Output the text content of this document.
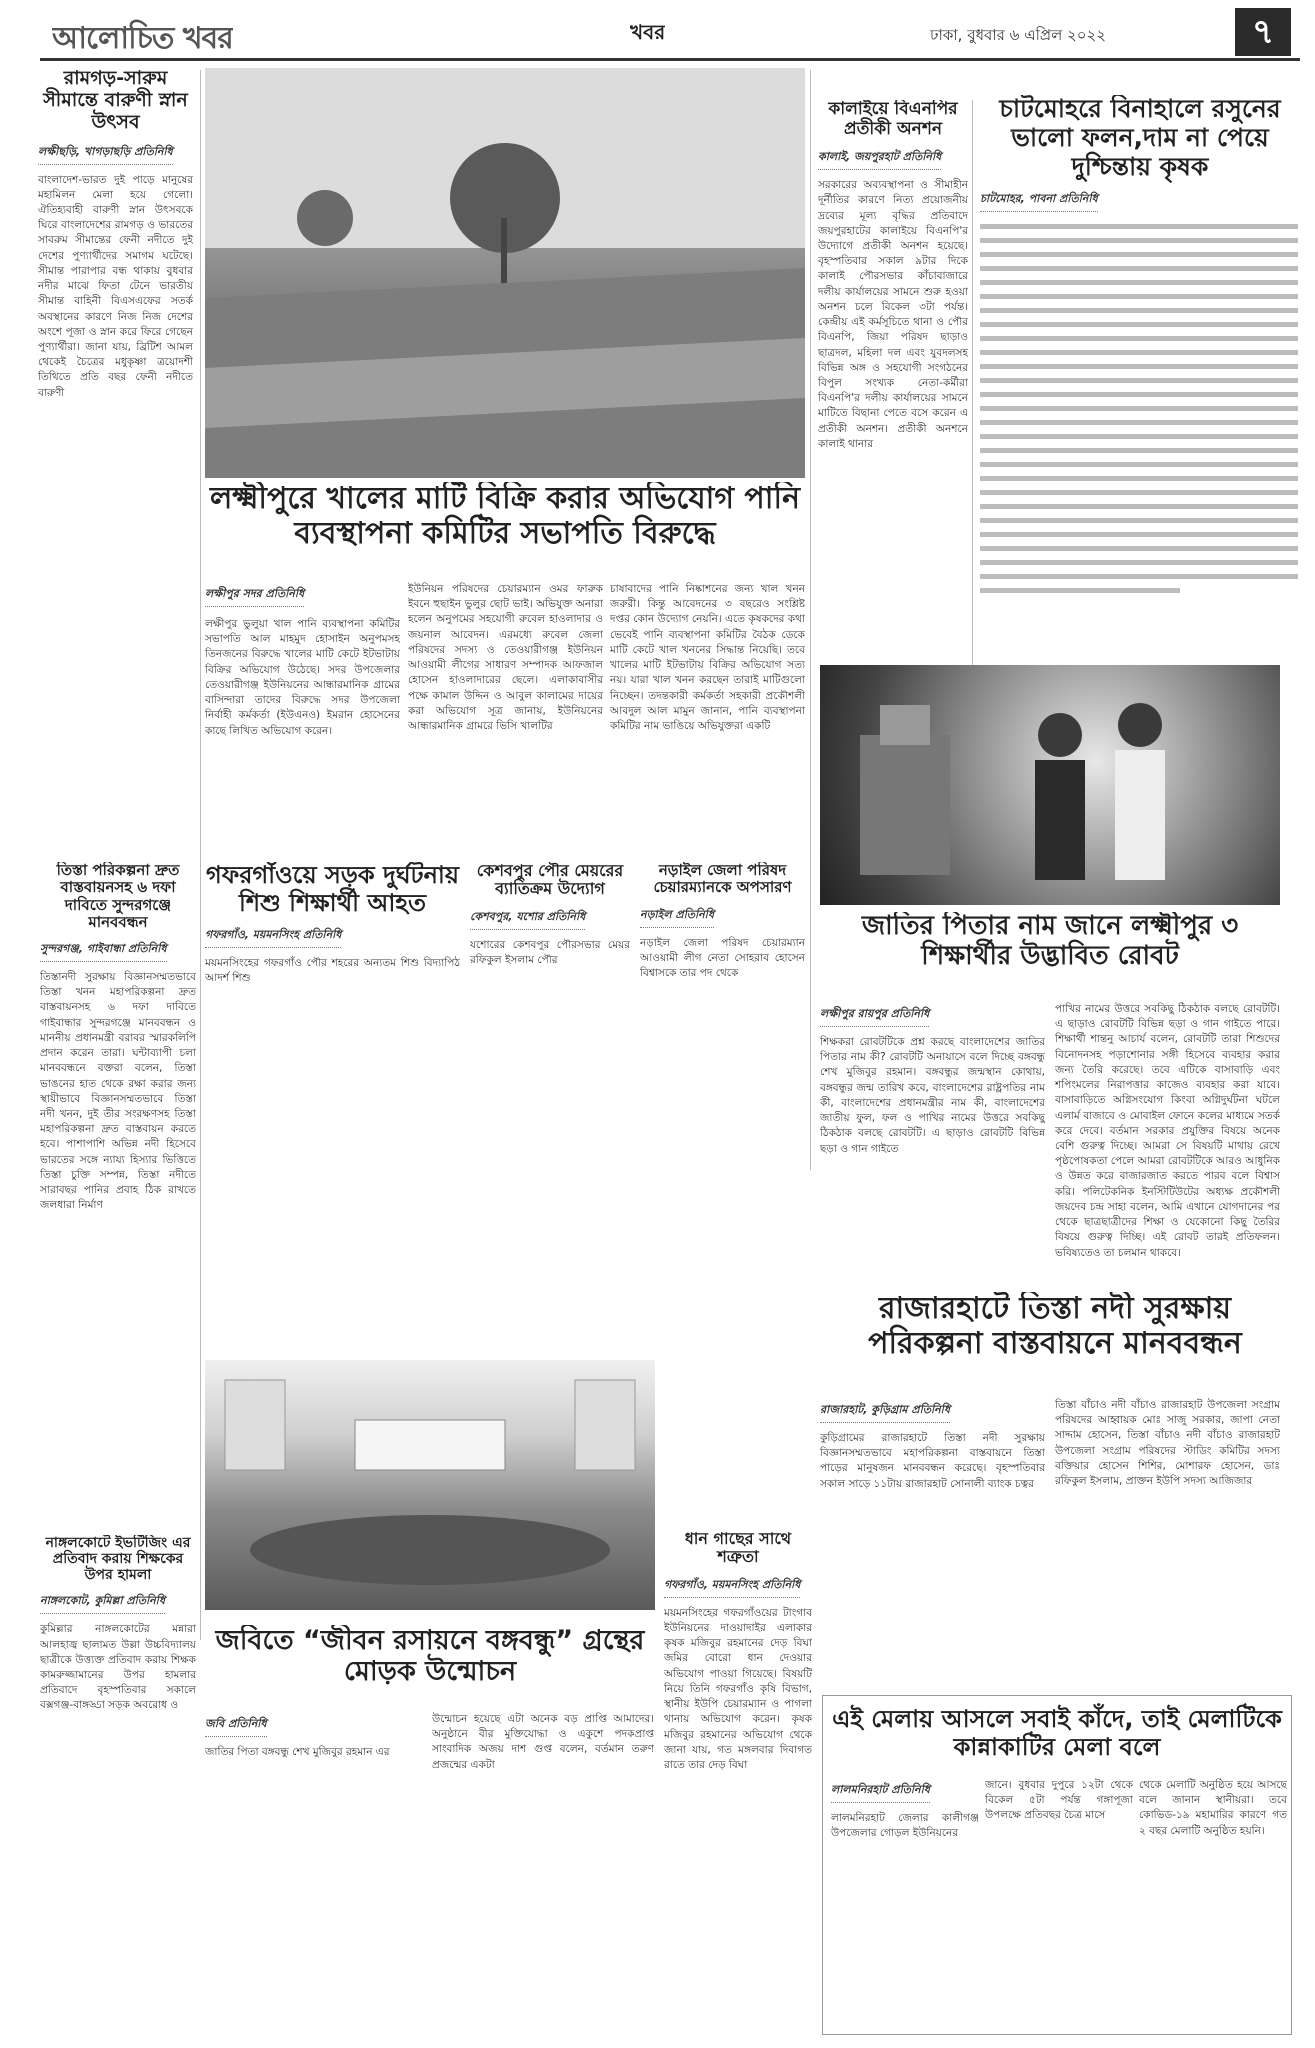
আলোচিত খবর	খবর	ঢাকা, বুধবার ৬ এপ্রিল ২০২২	৭
রামগড়-সারুম সীমান্তে বারুণী স্নান উৎসব
লক্ষীছড়ি, খাগড়াছড়ি প্রতিনিধি
বাংলাদেশ-ভারত দুই পাড়ে মানুষের মহামিলন মেলা হয়ে গেলো। ঐতিহ্যবাহী বারুণী স্নান উৎসবকে ঘিরে বাংলাদেশের রামগড় ও ভারতের সাবরুম সীমান্তের ফেনী নদীতে দুই দেশের পুণ্যার্থীদের সমাগম ঘটেছে। সীমান্ত পারাপার বন্ধ থাকায় বুধবার নদীর মাঝে ফিতা টেনে ভারতীয় সীমান্ত বাহিনী বিএসএফের সতর্ক অবস্থানের কারণে নিজ নিজ দেশের অংশে পূজা ও স্নান করে ফিরে গেছেন পুণ্যার্থীরা। জানা যায়, ব্রিটিশ আমল থেকেই চৈত্রের মধুকৃষ্ণা ত্রয়োদশী তিথিতে প্রতি বছর ফেনী নদীতে বারুণী
লক্ষ্মীপুরে খালের মাটি বিক্রি করার অভিযোগ পানি ব্যবস্থাপনা কমিটির সভাপতি বিরুদ্ধে
লক্ষীপুর সদর প্রতিনিধি
লক্ষীপুর ভুলুয়া খাল পানি ব্যবস্থাপনা কমিটির সভাপতি আল মাহমুদ হোসাইন অনুপমসহ তিনজনের বিরুদ্ধে খালের মাটি কেটে ইটভাটায় বিক্রির অভিযোগ উঠেছে। সদর উপজেলার তেওয়ারীগঞ্জ ইউনিয়নের আন্ধারমানিক গ্রামের বাসিন্দারা তাদের বিরুদ্ধে সদর উপজেলা নির্বাহী কর্মকর্তা (ইউএনও) ইমরান হোসেনের কাছে লিখিত অভিযোগ করেন।
ইউনিয়ন পরিষদের চেয়ারম্যান ওমর ফারুক ইবনে হুছাইন ভুলুর ছোট ভাই। অভিযুক্ত অনারা হলেন অনুপমের সহযোগী রুবেল হাওলাদার ও জয়নাল আবেদন। এরমধ্যে রুবেল জেলা পরিষদের সদস্য ও তেওয়ারীগঞ্জ ইউনিয়ন আওয়ামী লীগের সাধারণ সম্পাদক আফজাল হোসেন হাওলাদারের ছেলে। এলাকাবাসীর পক্ষে কামাল উদ্দিন ও আবুল কালামের দায়ের করা অভিযোগ সূত্র জানায়, ইউনিয়নের আন্ধারমানিক গ্রামরে ভিসি খালটির
চাষাবাদের পানি নিষ্কাশনের জন্য খাল খনন জরুরী। কিন্তু আবেদনের ৩ বছরেও সংশ্লিষ্ট দপ্তর কোন উদ্যোগ নেয়নি। এতে কৃষকদের কথা ভেবেই পানি ব্যবস্থাপনা কমিটির বৈঠক ডেকে মাটি কেটে খাল খননের সিদ্ধান্ত নিয়েছি। তবে খালের মাটি ইটভাটায় বিক্রির অভিযোগ সত্য নয়। যারা খাল খনন করছেন তারাই মাটিগুলো নিচ্ছেন। তদন্তকারী কর্মকর্তা সহকারী প্রকৌশলী আবদুল আল মামুন জানান, পানি ব্যবস্থাপনা কমিটির নাম ভাঙিয়ে অভিযুক্তরা একটি
কালাইয়ে বিএনপির প্রতীকী অনশন
কালাই, জয়পুরহাট প্রতিনিধি
সরকারের অব্যবস্থাপনা ও সীমাহীন দূর্নীতির কারণে নিত্য প্রয়োজনীয় দ্রব্যের মূল্য বৃদ্ধির প্রতিবাদে জয়পুরহাটের কালাইয়ে বিএনপি'র উদ্যোগে প্রতীকী অনশন হয়েছে। বৃহস্পতিবার সকাল ৯টার দিকে কালাই পৌরসভার কাঁচাবাজারে দলীয় কার্যালয়ের সামনে শুরু হওয়া অনশন চলে বিকেল ৩টা পর্যন্ত। কেন্দ্রীয় এই কর্মসূচিতে থানা ও পৌর বিএনপি, জিয়া পরিষদ ছাড়াও ছাত্রদল, মহিলা দল এবং যুবদলসহ বিভিন্ন অঙ্গ ও সহযোগী সংগঠনের বিপুল সংখ্যক নেতা-কর্মীরা বিএনপি'র দলীয় কার্যালয়ের সামনে মাটিতে বিছানা পেতে বসে করেন এ প্রতীকী অনশন। প্রতীকী অনশনে কালাই থানার
চাটমোহরে বিনাহালে রসুনের ভালো ফলন,দাম না পেয়ে দুশ্চিন্তায় কৃষক
চাটমোহর, পাবনা প্রতিনিধি
জাতির পিতার নাম জানে লক্ষ্মীপুর ৩ শিক্ষার্থীর উদ্ভাবিত রোবট
লক্ষীপুর রায়পুর প্রতিনিধি
শিক্ষকরা রোবটটিকে প্রশ্ন করছে বাংলাদেশের জাতির পিতার নাম কী? রোবটটি অনায়াসে বলে দিচ্ছে বঙ্গবন্ধু শেখ মুজিবুর রহমান। বঙ্গবন্ধুর জন্মস্থান কোথায়, বঙ্গবন্ধুর জন্ম তারিখ কবে, বাংলাদেশের রাষ্ট্রপতির নাম কী, বাংলাদেশের প্রধানমন্ত্রীর নাম কী, বাংলাদেশের জাতীয় ফুল, ফল ও পাখির নামের উত্তরে সবকিছু ঠিকঠাক বলছে রোবটটি। এ ছাড়াও রোবটটি বিভিন্ন ছড়া ও গান গাইতে
পাখির নামের উত্তরে সবকিছু ঠিকঠাক বলছে রোবটটি। এ ছাড়াও রোবটটি বিভিন্ন ছড়া ও গান গাইতে পারে। শিক্ষার্থী শান্তনু আচার্য বলেন, রোবটটি তারা শিশুদের বিনোদনসহ পড়াশোনার সঙ্গী হিসেবে ব্যবহার করার জন্য তৈরি করেছে। তবে এটিকে বাসাবাড়ি এবং শপিংমলের নিরাপত্তার কাজেও ব্যবহার করা যাবে। বাসাবাড়িতে অগ্নিসংযোগ কিংবা অগ্নিদুর্ঘটনা ঘটলে এলার্ম বাজাবে ও মোবাইল ফোনে কলের মাধ্যমে সতর্ক করে দেবে। বর্তমান সরকার প্রযুক্তির বিষয়ে অনেক বেশি গুরুত্ব দিচ্ছে। আমরা সে বিষয়টি মাথায় রেখে পৃষ্ঠপোষকতা পেলে আমরা রোবটটিকে আরও আধুনিক ও উন্নত করে বাজারজাত করতে পারব বলে বিশ্বাস করি। পলিটেকনিক ইনস্টিটিউটের অধ্যক্ষ প্রকৌশলী জয়দেব চন্দ্র সাহা বলেন, আমি এখানে যোগদানের পর থেকে ছাত্রছাত্রীদের শিক্ষা ও যেকোনো কিছু তৈরির বিষয়ে গুরুত্ব দিচ্ছি। এই রোবট তারই প্রতিফলন। ভবিষ্যতেও তা চলমান থাকবে।
তিস্তা পরিকল্পনা দ্রুত বাস্তবায়নসহ ৬ দফা দাবিতে সুন্দরগঞ্জে মানববন্ধন
সুন্দরগঞ্জ, গাইবান্ধা প্রতিনিধি
তিস্তানদী সুরক্ষায় বিজ্ঞানসম্মতভাবে তিস্তা খনন মহাপরিকল্পনা দ্রুত বাস্তবায়নসহ ৬ দফা দাবিতে গাইবান্ধার সুন্দরগঞ্জে মানববন্ধন ও মাননীয় প্রধানমন্ত্রী বরাবর স্মারকলিপি প্রদান করেন তারা। ঘন্টাব্যাপী চলা মানববন্ধনে বক্তরা বলেন, তিস্তা ভাঙনের হাত থেকে রক্ষা করার জন্য স্থায়ীভাবে বিজ্ঞানসম্মতভাবে তিস্তা নদী খনন, দুই তীর সংরক্ষণসহ তিস্তা মহাপরিকল্পনা দ্রুত বাস্তবায়ন করতে হবে। পাশাপাশি অভিন্ন নদী হিসেবে ভারতের সঙ্গে ন্যায্য হিস্যার ভিত্তিতে তিস্তা চুক্তি সম্পন্ন, তিস্তা নদীতে সারাবছর পানির প্রবাহ ঠিক রাখতে জলধারা নির্মাণ
গফরগাঁওয়ে সড়ক দুর্ঘটনায় শিশু শিক্ষার্থী আহত
গফরগাঁও, ময়মনসিংহ প্রতিনিধি
ময়মনসিংহের গফরগাঁও পৌর শহরের অন্যতম শিশু বিদ্যাপিঠ আদর্শ শিশু
কেশবপুর পৌর মেয়রের ব্যাতিক্রম উদ্যোগ
কেশবপুর, যশোর প্রতিনিধি
যশোরের কেশবপুর পৌরসভার মেয়র রফিকুল ইসলাম পৌর
নড়াইল জেলা পরিষদ চেয়ারম্যানকে অপসারণ
নড়াইল প্রতিনিধি
নড়াইল জেলা পরিষদ চেয়ারম্যান আওয়ামী লীগ নেতা সোহরাব হোসেন বিশ্বাসকে তার পদ থেকে
রাজারহাটে তিস্তা নদী সুরক্ষায় পরিকল্পনা বাস্তবায়নে মানববন্ধন
রাজারহাট, কুড়িগ্রাম প্রতিনিধি
কুড়িগ্রামের রাজারহাটে তিস্তা নদী সুরক্ষায় বিজ্ঞানসম্মতভাবে মহাপরিকল্পনা বাস্তবায়নে তিস্তা পাড়ের মানুষজন মানববন্ধন করেছে। বৃহস্পতিবার সকাল সাড়ে ১১টায় রাজারহাট সোনালী ব্যাংক চত্বর
তিস্তা বাঁচাও নদী বাঁচাও রাজারহাট উপজেলা সংগ্রাম পরিষদের আহ্বায়ক মোঃ সাজু সরকার, জাপা নেতা সাদ্দাম হোসেন, তিস্তা বাঁচাও নদী বাঁচাও রাজারহাট উপজেলা সংগ্রাম পরিষদের স্টাডিং কমিটির সদস্য বক্তিয়ার হোসেন শিশির, মোশারফ হোসেন, ডাঃ রফিকুল ইসলাম, প্রাক্তন ইউপি সদস্য আজিজার
নাঙ্গলকোটে ইভটিজিং এর প্রতিবাদ করায় শিক্ষকের উপর হামলা
নাঙ্গলকোট, কুমিল্লা প্রতিনিধি
কুমিল্লার নাঙ্গলকোটের মন্নারা আলহাজ্ব ছালামত উল্লা উচ্চবিদ্যালয় ছাত্রীকে উত্ত্যক্ত প্রতিবাদ করায় শিক্ষক কামরুজ্জামানের উপর হামলার প্রতিবাদে বৃহস্পতিবার সকালে বক্সগঞ্জ-বাঙ্গড্ডা সড়ক অবরোধ ও
জবিতে “জীবন রসায়নে বঙ্গবন্ধু” গ্রন্থের মোড়ক উন্মোচন
জবি প্রতিনিধি
জাতির পিতা বঙ্গবন্ধু শেখ মুজিবুর রহমান এর
উন্মোচন হয়েছে এটা অনেক বড় প্রাপ্তি আমাদের। অনুষ্ঠানে বীর মুক্তিযোদ্ধা ও একুশে পদকপ্রাপ্ত সাংবাদিক অজয় দাশ গুপ্ত বলেন, বর্তমান তরুণ প্রজন্মের একটা
ধান গাছের সাথে শত্রুতা
গফরগাঁও, ময়মনসিংহ প্রতিনিধি
ময়মনসিংহের গফরগাঁওয়ের টাংগাব ইউনিয়নের দাওয়াদাইর এলাকার কৃষক মজিবুর রহমানের দেড় বিঘা জমির বোরো ধান দেওয়ার অভিযোগ পাওয়া গিয়েছে। বিষয়টি নিয়ে তিনি গফরগাঁও কৃষি বিভাগ, স্থানীয় ইউপি চেয়ারম্যান ও পাগলা থানায় অভিযোগ করেন। কৃষক মজিবুর রহমানের অভিযোগ থেকে জানা যায়, গত মঙ্গলবার দিবাগত রাতে তার দেড় বিঘা
এই মেলায় আসলে সবাই কাঁদে, তাই মেলাটিকে কান্নাকাটির মেলা বলে
লালমনিরহাট প্রতিনিধি
লালমনিরহাট জেলার কালীগঞ্জ উপজেলার গোড়ল ইউনিয়নের
জানে। বুধবার দুপুরে ১২টা থেকে বিকেল ৫টা পর্যন্ত গঙ্গাপূজা উপলক্ষে প্রতিবছর চৈত্র মাসে
থেকে মেলাটি অনুষ্ঠিত হয়ে আসছে বলে জানান স্থানীয়রা। তবে কোভিড-১৯ মহামারির কারণে গত ২ বছর মেলাটি অনুষ্ঠিত হয়নি।
